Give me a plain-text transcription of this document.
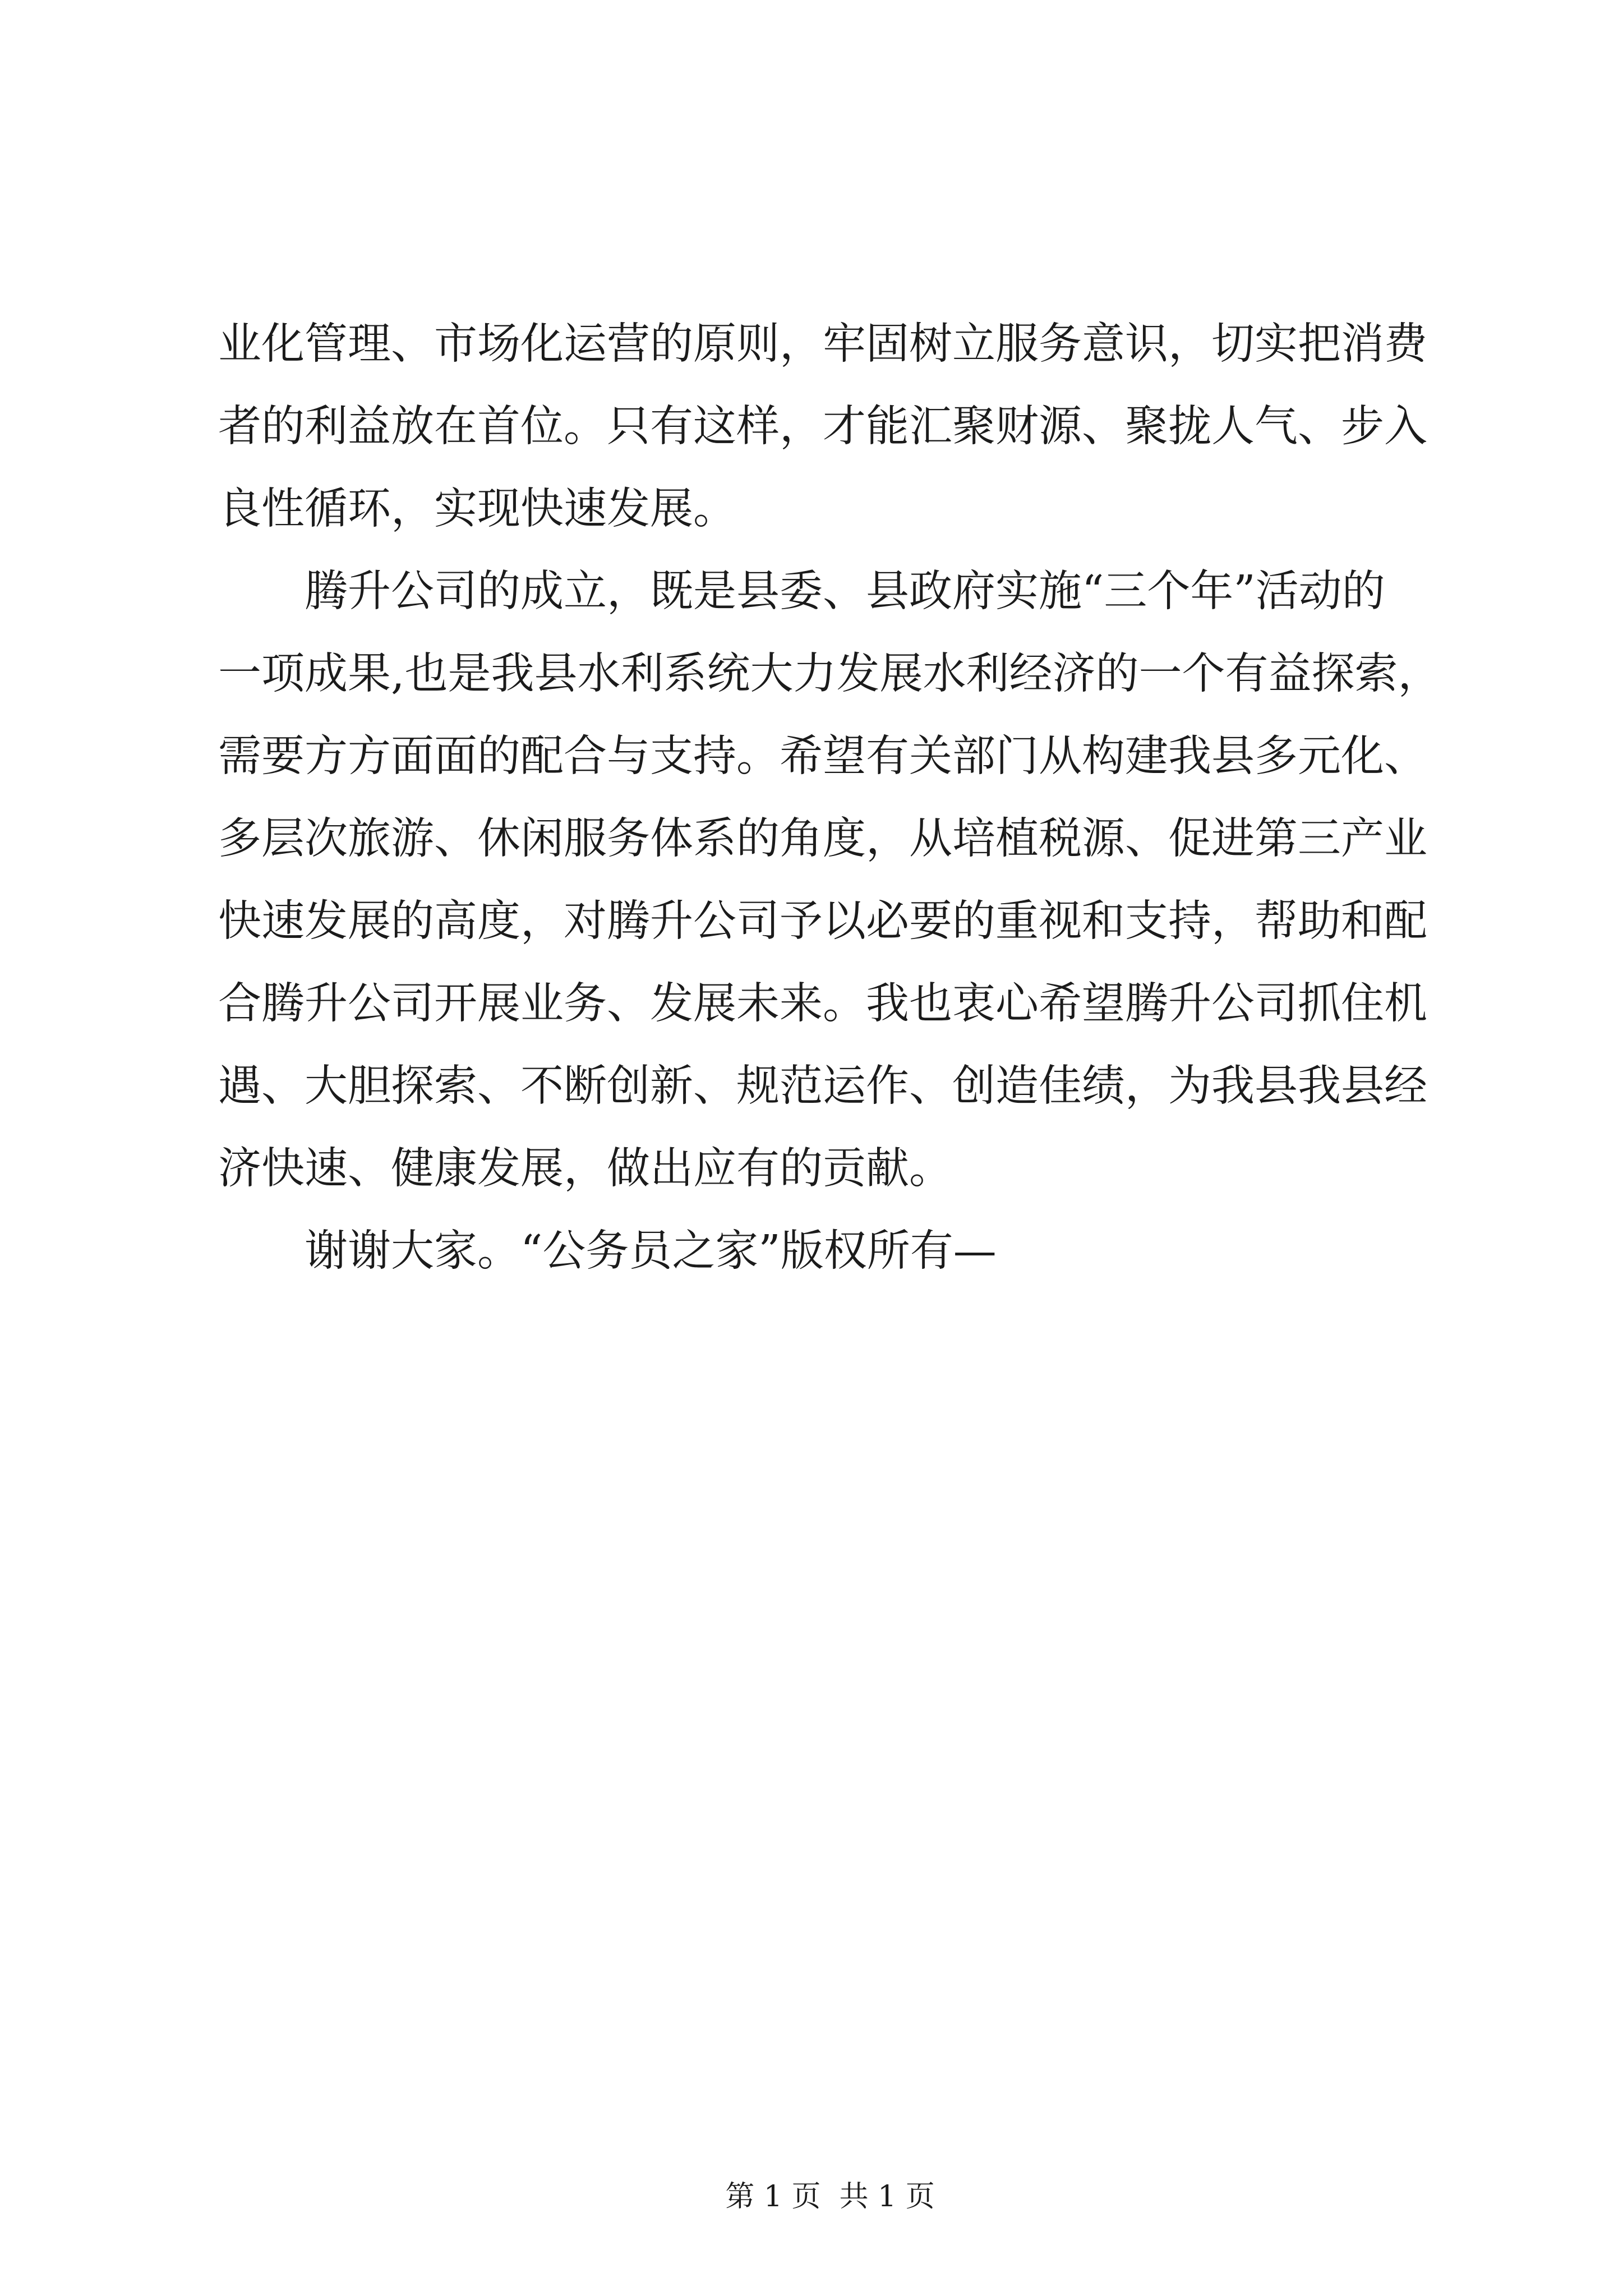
业化管理、市场化运营的原则，牢固树立服务意识，切实把消费
者的利益放在首位。只有这样，才能汇聚财源、聚拢人气、步入
良性循环，实现快速发展。
腾升公司的成立，既是县委、县政府实施“三个年”活动的
一项成果,也是我县水利系统大力发展水利经济的一个有益探索，
需要方方面面的配合与支持。希望有关部门从构建我县多元化、
多层次旅游、休闲服务体系的角度，从培植税源、促进第三产业
快速发展的高度，对腾升公司予以必要的重视和支持，帮助和配
合腾升公司开展业务、发展未来。我也衷心希望腾升公司抓住机
遇、大胆探索、不断创新、规范运作、创造佳绩，为我县我县经
济快速、健康发展，做出应有的贡献。
谢谢大家。“公务员之家”版权所有—

第 1 页  共 1 页
